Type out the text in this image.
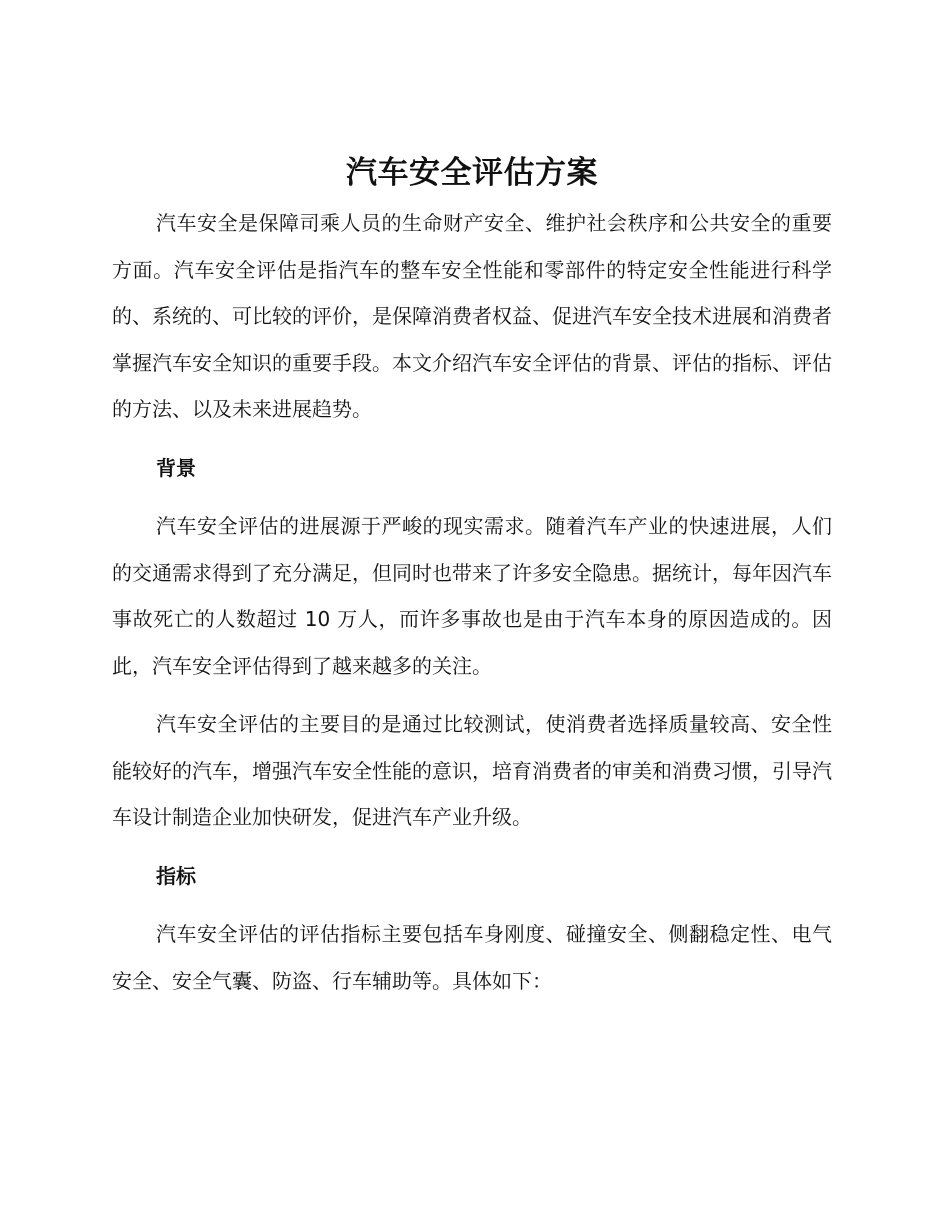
汽车安全评估方案

汽车安全是保障司乘人员的生命财产安全、维护社会秩序和公共安全的重要方面。汽车安全评估是指汽车的整车安全性能和零部件的特定安全性能进行科学的、系统的、可比较的评价，是保障消费者权益、促进汽车安全技术进展和消费者掌握汽车安全知识的重要手段。本文介绍汽车安全评估的背景、评估的指标、评估的方法、以及未来进展趋势。

背景

汽车安全评估的进展源于严峻的现实需求。随着汽车产业的快速进展，人们的交通需求得到了充分满足，但同时也带来了许多安全隐患。据统计，每年因汽车事故死亡的人数超过 10 万人，而许多事故也是由于汽车本身的原因造成的。因此，汽车安全评估得到了越来越多的关注。

汽车安全评估的主要目的是通过比较测试，使消费者选择质量较高、安全性能较好的汽车，增强汽车安全性能的意识，培育消费者的审美和消费习惯，引导汽车设计制造企业加快研发，促进汽车产业升级。

指标

汽车安全评估的评估指标主要包括车身刚度、碰撞安全、侧翻稳定性、电气安全、安全气囊、防盗、行车辅助等。具体如下：
